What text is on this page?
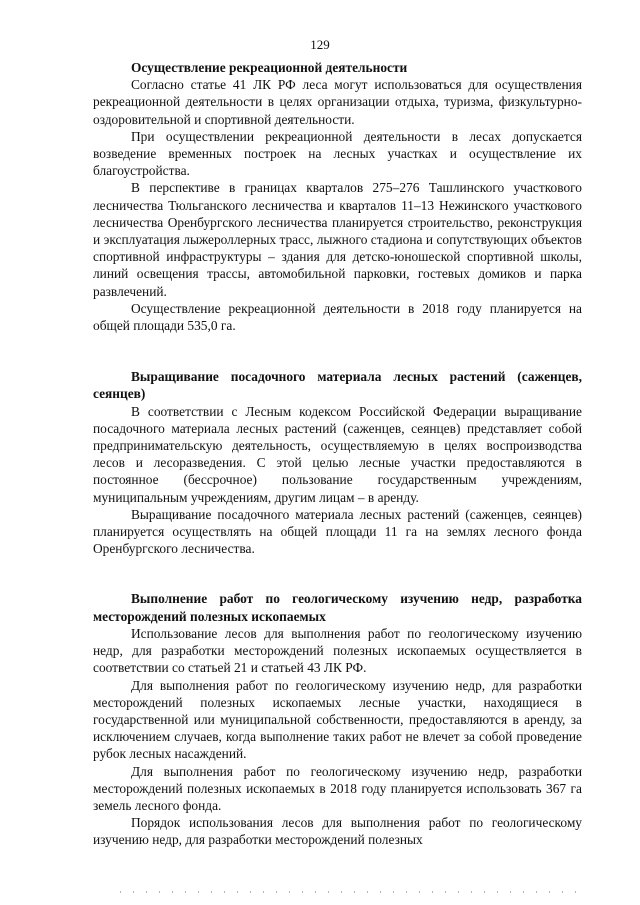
129
Осуществление рекреационной деятельности

Согласно статье 41 ЛК РФ леса могут использоваться для осуществления рекреационной деятельности в целях организации отдыха, туризма, физкультурно-оздоровительной и спортивной деятельности.

При осуществлении рекреационной деятельности в лесах допускается возведение временных построек на лесных участках и осуществление их благоустройства.

В перспективе в границах кварталов 275–276 Ташлинского участкового лесничества Тюльганского лесничества и кварталов 11–13 Нежинского участкового лесничества Оренбургского лесничества планируется строительство, реконструкция и эксплуатация лыжероллерных трасс, лыжного стадиона и сопутствующих объектов спортивной инфраструктуры – здания для детско-юношеской спортивной школы, линий освещения трассы, автомобильной парковки, гостевых домиков и парка развлечений.

Осуществление рекреационной деятельности в 2018 году планируется на общей площади 535,0 га.

Выращивание посадочного материала лесных растений (саженцев, сеянцев)

В соответствии с Лесным кодексом Российской Федерации выращивание посадочного материала лесных растений (саженцев, сеянцев) представляет собой предпринимательскую деятельность, осуществляемую в целях воспроизводства лесов и лесоразведения. С этой целью лесные участки предоставляются в постоянное (бессрочное) пользование государственным учреждениям, муниципальным учреждениям, другим лицам – в аренду.

Выращивание посадочного материала лесных растений (саженцев, сеянцев) планируется осуществлять на общей площади 11 га на землях лесного фонда Оренбургского лесничества.

Выполнение работ по геологическому изучению недр, разработка месторождений полезных ископаемых

Использование лесов для выполнения работ по геологическому изучению недр, для разработки месторождений полезных ископаемых осуществляется в соответствии со статьей 21 и статьей 43 ЛК РФ.

Для выполнения работ по геологическому изучению недр, для разработки месторождений полезных ископаемых лесные участки, находящиеся в государственной или муниципальной собственности, предоставляются в аренду, за исключением случаев, когда выполнение таких работ не влечет за собой проведение рубок лесных насаждений.

Для выполнения работ по геологическому изучению недр, разработки месторождений полезных ископаемых в 2018 году планируется использовать 367 га земель лесного фонда.

Порядок использования лесов для выполнения работ по геологическому изучению недр, для разработки месторождений полезных
